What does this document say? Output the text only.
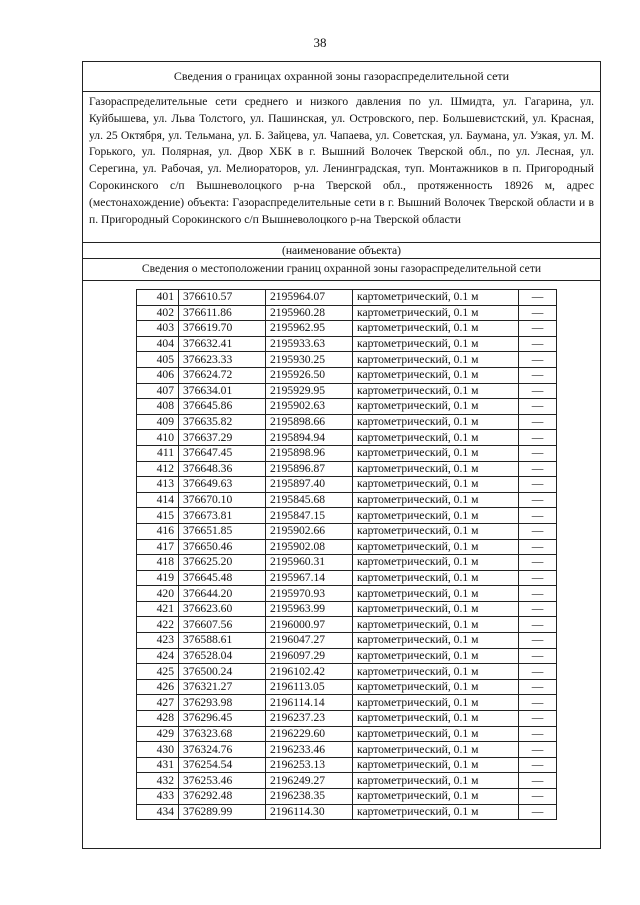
38
Сведения о границах охранной зоны газораспределительной сети
Газораспределительные сети среднего и низкого давления по ул. Шмидта, ул. Гагарина, ул. Куйбышева, ул. Льва Толстого, ул. Пашинская, ул. Островского, пер. Большевистский, ул. Красная, ул. 25 Октября, ул. Тельмана, ул. Б. Зайцева, ул. Чапаева, ул. Советская, ул. Баумана, ул. Узкая, ул. М. Горького, ул. Полярная, ул. Двор ХБК в г. Вышний Волочек Тверской обл., по ул. Лесная, ул. Серегина, ул. Рабочая, ул. Мелиораторов, ул. Ленинградская, туп. Монтажников в п. Пригородный Сорокинского с/п Вышневолоцкого р-на Тверской обл., протяженность 18926 м, адрес (местонахождение) объекта: Газораспределительные сети в г. Вышний Волочек Тверской области и в п. Пригородный Сорокинского с/п Вышневолоцкого р-на Тверской области
(наименование объекта)
Сведения о местоположении границ охранной зоны газораспределительной сети
401	376610.57	2195964.07	картометрический, 0.1 м	—
402	376611.86	2195960.28	картометрический, 0.1 м	—
403	376619.70	2195962.95	картометрический, 0.1 м	—
404	376632.41	2195933.63	картометрический, 0.1 м	—
405	376623.33	2195930.25	картометрический, 0.1 м	—
406	376624.72	2195926.50	картометрический, 0.1 м	—
407	376634.01	2195929.95	картометрический, 0.1 м	—
408	376645.86	2195902.63	картометрический, 0.1 м	—
409	376635.82	2195898.66	картометрический, 0.1 м	—
410	376637.29	2195894.94	картометрический, 0.1 м	—
411	376647.45	2195898.96	картометрический, 0.1 м	—
412	376648.36	2195896.87	картометрический, 0.1 м	—
413	376649.63	2195897.40	картометрический, 0.1 м	—
414	376670.10	2195845.68	картометрический, 0.1 м	—
415	376673.81	2195847.15	картометрический, 0.1 м	—
416	376651.85	2195902.66	картометрический, 0.1 м	—
417	376650.46	2195902.08	картометрический, 0.1 м	—
418	376625.20	2195960.31	картометрический, 0.1 м	—
419	376645.48	2195967.14	картометрический, 0.1 м	—
420	376644.20	2195970.93	картометрический, 0.1 м	—
421	376623.60	2195963.99	картометрический, 0.1 м	—
422	376607.56	2196000.97	картометрический, 0.1 м	—
423	376588.61	2196047.27	картометрический, 0.1 м	—
424	376528.04	2196097.29	картометрический, 0.1 м	—
425	376500.24	2196102.42	картометрический, 0.1 м	—
426	376321.27	2196113.05	картометрический, 0.1 м	—
427	376293.98	2196114.14	картометрический, 0.1 м	—
428	376296.45	2196237.23	картометрический, 0.1 м	—
429	376323.68	2196229.60	картометрический, 0.1 м	—
430	376324.76	2196233.46	картометрический, 0.1 м	—
431	376254.54	2196253.13	картометрический, 0.1 м	—
432	376253.46	2196249.27	картометрический, 0.1 м	—
433	376292.48	2196238.35	картометрический, 0.1 м	—
434	376289.99	2196114.30	картометрический, 0.1 м	—
